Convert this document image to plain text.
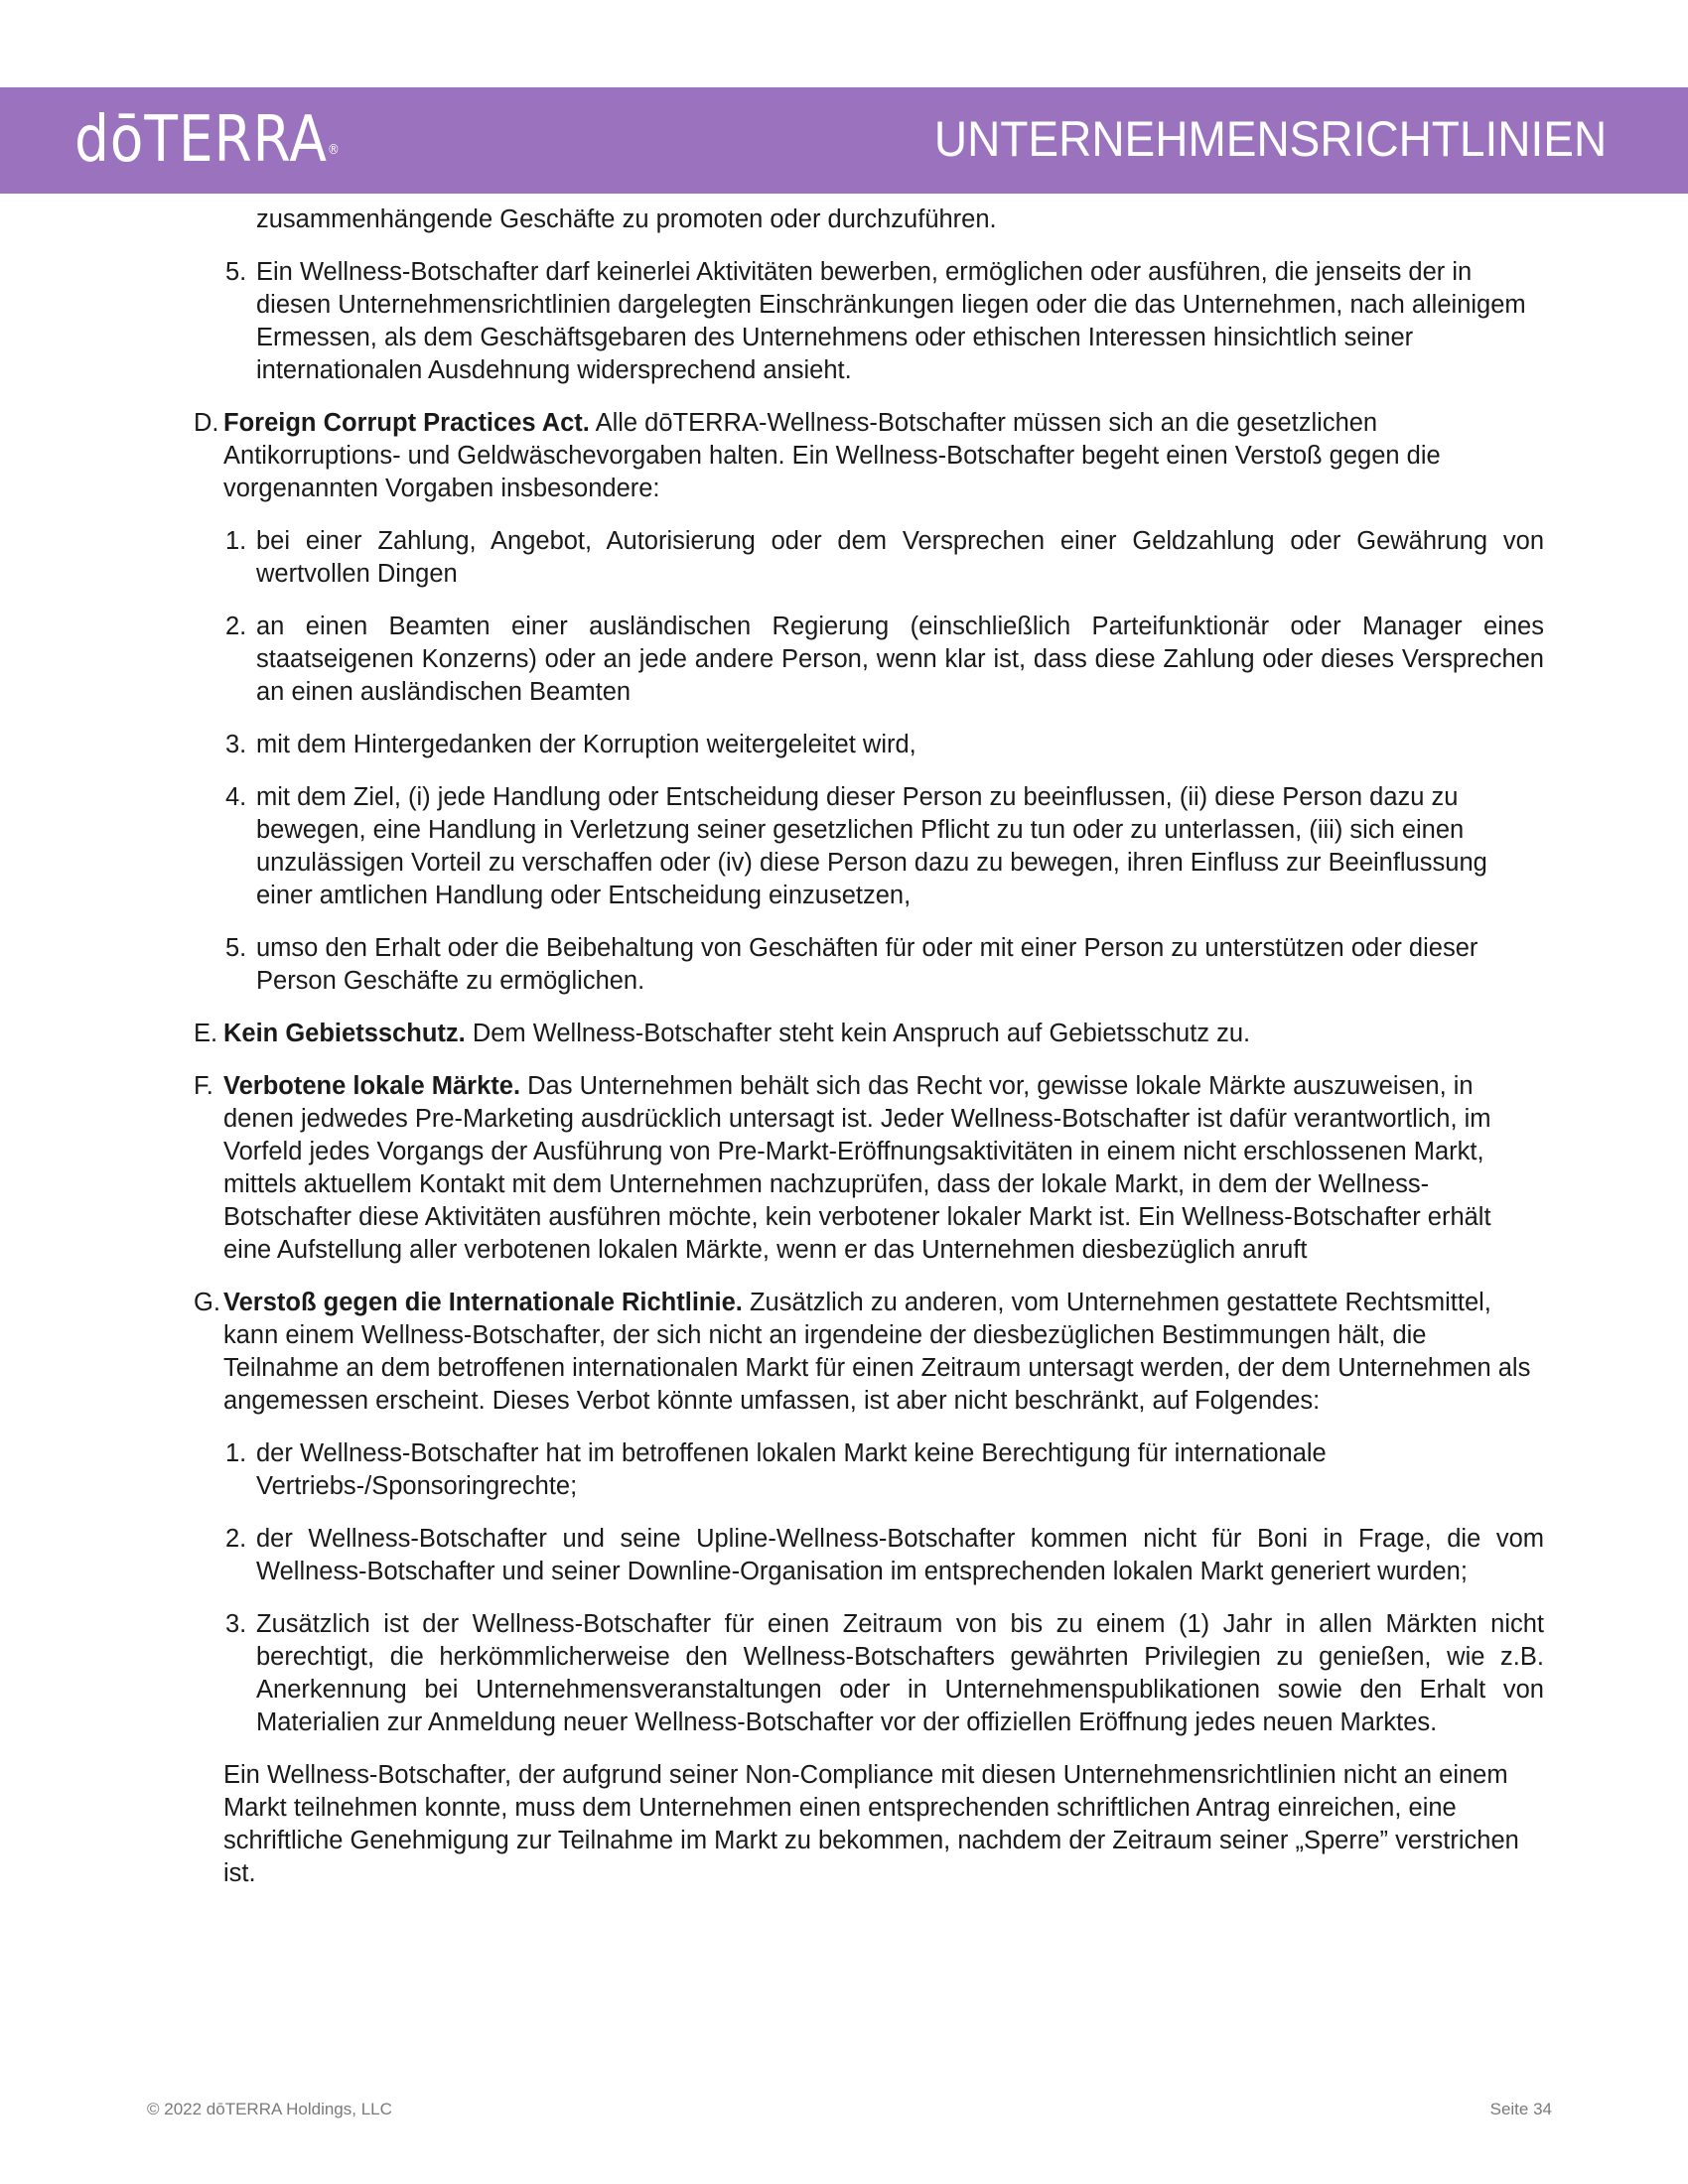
dōTERRA®	UNTERNEHMENSRICHTLINIEN
zusammenhängende Geschäfte zu promoten oder durchzuführen.
5. Ein Wellness-Botschafter darf keinerlei Aktivitäten bewerben, ermöglichen oder ausführen, die jenseits der in diesen Unternehmensrichtlinien dargelegten Einschränkungen liegen oder die das Unternehmen, nach alleinigem Ermessen, als dem Geschäftsgebaren des Unternehmens oder ethischen Interessen hinsichtlich seiner internationalen Ausdehnung widersprechend ansieht.
D. Foreign Corrupt Practices Act. Alle dōTERRA-Wellness-Botschafter müssen sich an die gesetzlichen Antikorruptions- und Geldwäschevorgaben halten. Ein Wellness-Botschafter begeht einen Verstoß gegen die vorgenannten Vorgaben insbesondere:
1. bei einer Zahlung, Angebot, Autorisierung oder dem Versprechen einer Geldzahlung oder Gewährung von wertvollen Dingen
2. an einen Beamten einer ausländischen Regierung (einschließlich Parteifunktionär oder Manager eines staatseigenen Konzerns) oder an jede andere Person, wenn klar ist, dass diese Zahlung oder dieses Versprechen an einen ausländischen Beamten
3. mit dem Hintergedanken der Korruption weitergeleitet wird,
4. mit dem Ziel, (i) jede Handlung oder Entscheidung dieser Person zu beeinflussen, (ii) diese Person dazu zu bewegen, eine Handlung in Verletzung seiner gesetzlichen Pflicht zu tun oder zu unterlassen, (iii) sich einen unzulässigen Vorteil zu verschaffen oder (iv) diese Person dazu zu bewegen, ihren Einfluss zur Beeinflussung einer amtlichen Handlung oder Entscheidung einzusetzen,
5. umso den Erhalt oder die Beibehaltung von Geschäften für oder mit einer Person zu unterstützen oder dieser Person Geschäfte zu ermöglichen.
E. Kein Gebietsschutz. Dem Wellness-Botschafter steht kein Anspruch auf Gebietsschutz zu.
F. Verbotene lokale Märkte. Das Unternehmen behält sich das Recht vor, gewisse lokale Märkte auszuweisen, in denen jedwedes Pre-Marketing ausdrücklich untersagt ist. Jeder Wellness-Botschafter ist dafür verantwortlich, im Vorfeld jedes Vorgangs der Ausführung von Pre-Markt-Eröffnungsaktivitäten in einem nicht erschlossenen Markt, mittels aktuellem Kontakt mit dem Unternehmen nachzuprüfen, dass der lokale Markt, in dem der Wellness-Botschafter diese Aktivitäten ausführen möchte, kein verbotener lokaler Markt ist. Ein Wellness-Botschafter erhält eine Aufstellung aller verbotenen lokalen Märkte, wenn er das Unternehmen diesbezüglich anruft
G. Verstoß gegen die Internationale Richtlinie. Zusätzlich zu anderen, vom Unternehmen gestattete Rechtsmittel, kann einem Wellness-Botschafter, der sich nicht an irgendeine der diesbezüglichen Bestimmungen hält, die Teilnahme an dem betroffenen internationalen Markt für einen Zeitraum untersagt werden, der dem Unternehmen als angemessen erscheint. Dieses Verbot könnte umfassen, ist aber nicht beschränkt, auf Folgendes:
1. der Wellness-Botschafter hat im betroffenen lokalen Markt keine Berechtigung für internationale Vertriebs-/Sponsoringrechte;
2. der Wellness-Botschafter und seine Upline-Wellness-Botschafter kommen nicht für Boni in Frage, die vom Wellness-Botschafter und seiner Downline-Organisation im entsprechenden lokalen Markt generiert wurden;
3. Zusätzlich ist der Wellness-Botschafter für einen Zeitraum von bis zu einem (1) Jahr in allen Märkten nicht berechtigt, die herkömmlicherweise den Wellness-Botschafters gewährten Privilegien zu genießen, wie z.B. Anerkennung bei Unternehmensveranstaltungen oder in Unternehmenspublikationen sowie den Erhalt von Materialien zur Anmeldung neuer Wellness-Botschafter vor der offiziellen Eröffnung jedes neuen Marktes.
Ein Wellness-Botschafter, der aufgrund seiner Non-Compliance mit diesen Unternehmensrichtlinien nicht an einem Markt teilnehmen konnte, muss dem Unternehmen einen entsprechenden schriftlichen Antrag einreichen, eine schriftliche Genehmigung zur Teilnahme im Markt zu bekommen, nachdem der Zeitraum seiner „Sperre” verstrichen ist.
© 2022 dōTERRA Holdings, LLC	Seite 34
